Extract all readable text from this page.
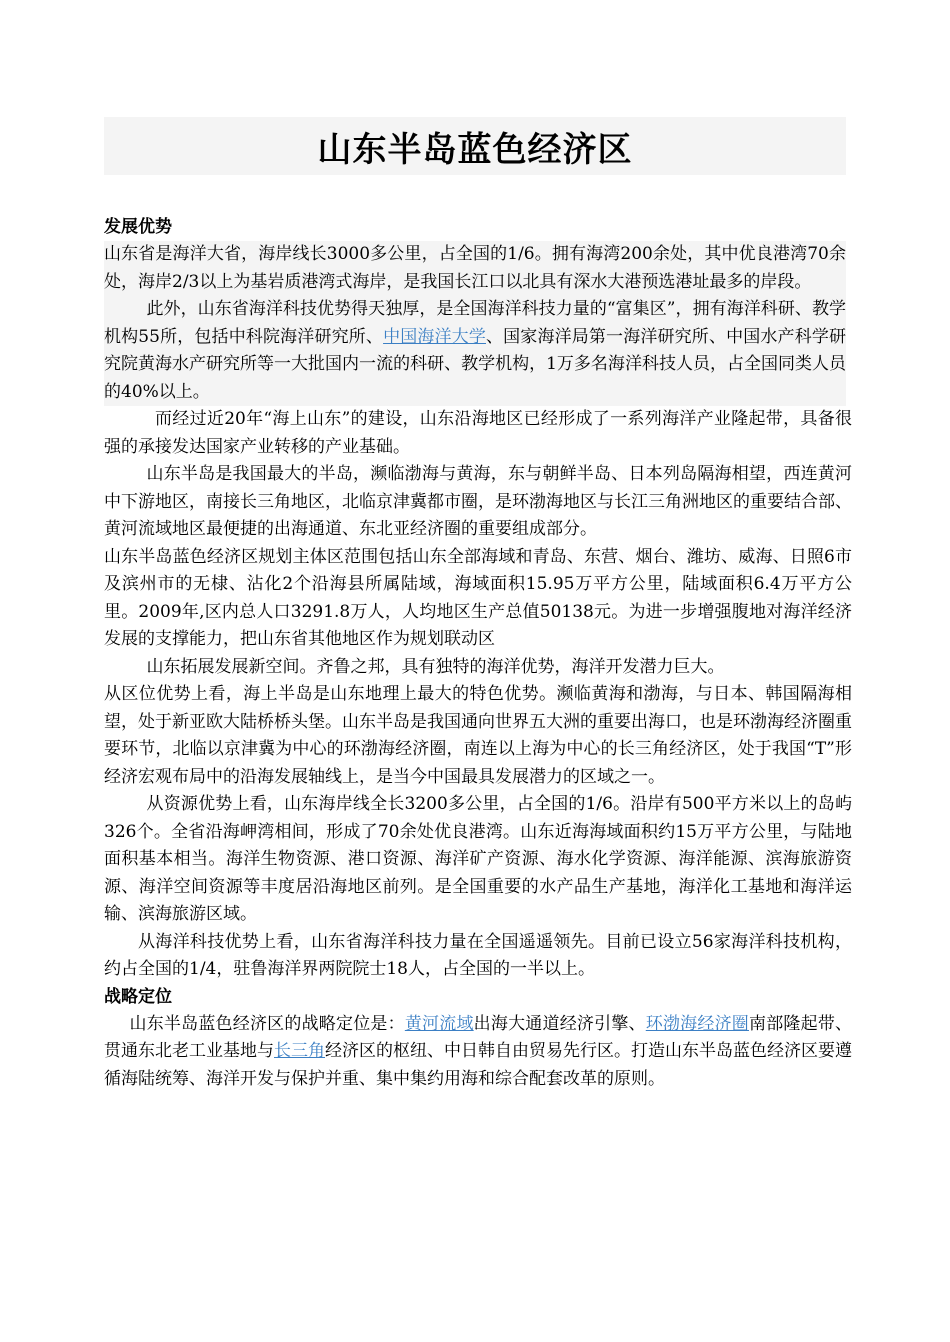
山东半岛蓝色经济区
发展优势

山东省是海洋大省，海岸线长3000多公里，占全国的1/6。拥有海湾200余处，其中优良港湾70余处，海岸2/3以上为基岩质港湾式海岸，是我国长江口以北具有深水大港预选港址最多的岸段。

此外，山东省海洋科技优势得天独厚，是全国海洋科技力量的“富集区”，拥有海洋科研、教学机构55所，包括中科院海洋研究所、中国海洋大学、国家海洋局第一海洋研究所、中国水产科学研究院黄海水产研究所等一大批国内一流的科研、教学机构，1万多名海洋科技人员，占全国同类人员的40%以上。

而经过近20年“海上山东”的建设，山东沿海地区已经形成了一系列海洋产业隆起带，具备很强的承接发达国家产业转移的产业基础。

山东半岛是我国最大的半岛，濒临渤海与黄海，东与朝鲜半岛、日本列岛隔海相望，西连黄河中下游地区，南接长三角地区，北临京津冀都市圈，是环渤海地区与长江三角洲地区的重要结合部、黄河流域地区最便捷的出海通道、东北亚经济圈的重要组成部分。

山东半岛蓝色经济区规划主体区范围包括山东全部海域和青岛、东营、烟台、潍坊、威海、日照6市及滨州市的无棣、沾化2个沿海县所属陆域，海域面积15.95万平方公里，陆域面积6.4万平方公里。2009年,区内总人口3291.8万人，人均地区生产总值50138元。为进一步增强腹地对海洋经济发展的支撑能力，把山东省其他地区作为规划联动区

山东拓展发展新空间。齐鲁之邦，具有独特的海洋优势，海洋开发潜力巨大。

从区位优势上看，海上半岛是山东地理上最大的特色优势。濒临黄海和渤海，与日本、韩国隔海相望，处于新亚欧大陆桥桥头堡。山东半岛是我国通向世界五大洲的重要出海口，也是环渤海经济圈重要环节，北临以京津冀为中心的环渤海经济圈，南连以上海为中心的长三角经济区，处于我国“T”形经济宏观布局中的沿海发展轴线上，是当今中国最具发展潜力的区域之一。

从资源优势上看，山东海岸线全长3200多公里，占全国的1/6。沿岸有500平方米以上的岛屿326个。全省沿海岬湾相间，形成了70余处优良港湾。山东近海海域面积约15万平方公里，与陆地面积基本相当。海洋生物资源、港口资源、海洋矿产资源、海水化学资源、海洋能源、滨海旅游资源、海洋空间资源等丰度居沿海地区前列。是全国重要的水产品生产基地，海洋化工基地和海洋运输、滨海旅游区域。

从海洋科技优势上看，山东省海洋科技力量在全国遥遥领先。目前已设立56家海洋科技机构，约占全国的1/4，驻鲁海洋界两院院士18人，占全国的一半以上。

战略定位

山东半岛蓝色经济区的战略定位是：黄河流域出海大通道经济引擎、环渤海经济圈南部隆起带、贯通东北老工业基地与长三角经济区的枢纽、中日韩自由贸易先行区。打造山东半岛蓝色经济区要遵循海陆统筹、海洋开发与保护并重、集中集约用海和综合配套改革的原则。
